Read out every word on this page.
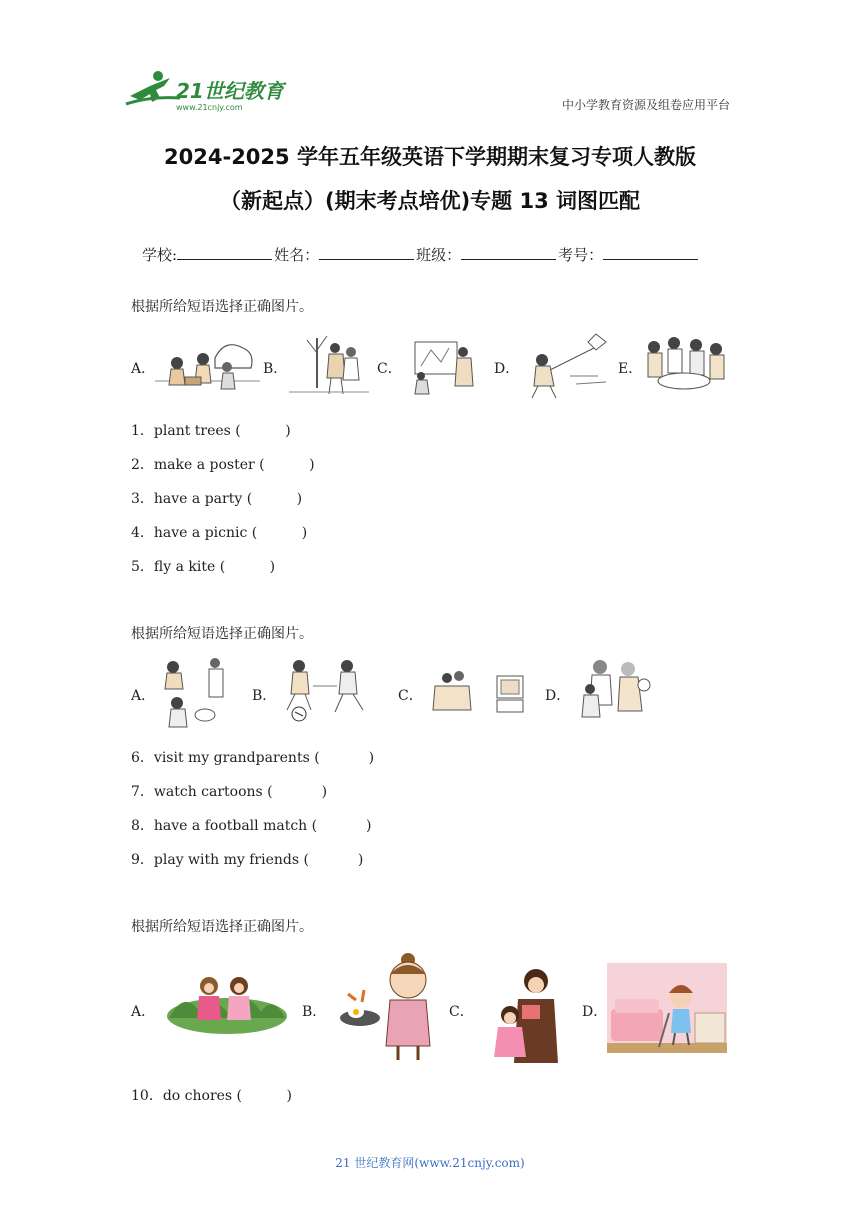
21世纪教育
www.21cnjy.com	中小学教育资源及组卷应用平台
2024-2025 学年五年级英语下学期期末复习专项人教版
（新起点）(期末考点培优)专题 13 词图匹配
学校:	姓名：	班级：	考号：
根据所给短语选择正确图片。
A．	B．	C．	D．	E．
1．plant trees (          )
2．make a poster (          )
3．have a party (          )
4．have a picnic (          )
5．fly a kite (          )
根据所给短语选择正确图片。
A．	B．	C．	D．
6．visit my grandparents (           )
7．watch cartoons (           )
8．have a football match (           )
9．play with my friends (           )
根据所给短语选择正确图片。
A．	B．	C．	D．
10．do chores (          )
21 世纪教育网(www.21cnjy.com)
